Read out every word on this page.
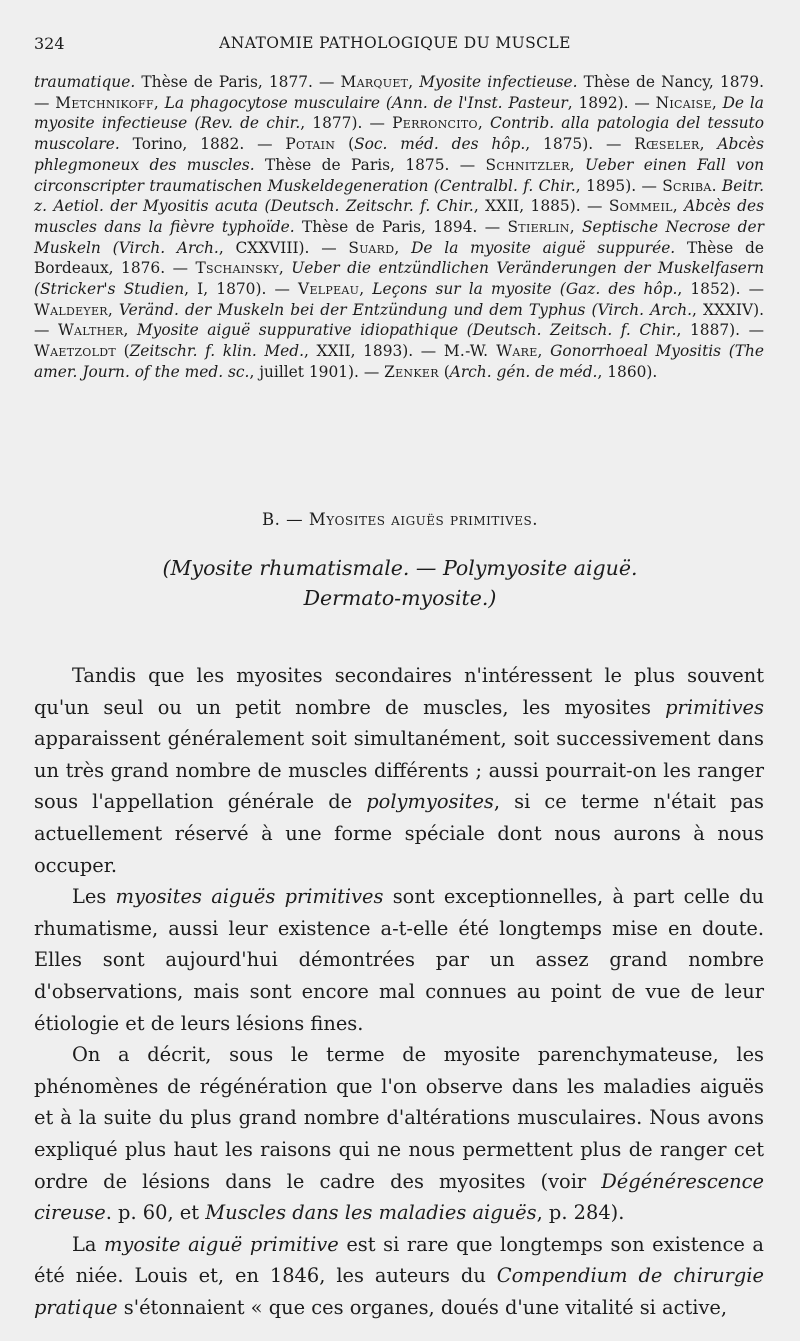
324	ANATOMIE PATHOLOGIQUE DU MUSCLE
traumatique. Thèse de Paris, 1877. — Marquet, Myosite infectieuse. Thèse de Nancy, 1879. — Metchnikoff, La phagocytose musculaire (Ann. de l'Inst. Pasteur, 1892). — Nicaise, De la myosite infectieuse (Rev. de chir., 1877). — Perroncito, Contrib. alla patologia del tessuto muscolare. Torino, 1882. — Potain (Soc. méd. des hôp., 1875). — Rœseler, Abcès phlegmoneux des muscles. Thèse de Paris, 1875. — Schnitzler, Ueber einen Fall von circonscripter traumatischen Muskeldegeneration (Centralbl. f. Chir., 1895). — Scriba. Beitr. z. Aetiol. der Myositis acuta (Deutsch. Zeitschr. f. Chir., XXII, 1885). — Sommeil, Abcès des muscles dans la fièvre typhoïde. Thèse de Paris, 1894. — Stierlin, Septische Necrose der Muskeln (Virch. Arch., CXXVIII). — Suard, De la myosite aiguë suppurée. Thèse de Bordeaux, 1876. — Tschainsky, Ueber die entzündlichen Veränderungen der Muskelfasern (Stricker's Studien, I, 1870). — Velpeau, Leçons sur la myosite (Gaz. des hôp., 1852). — Waldeyer, Veränd. der Muskeln bei der Entzündung und dem Typhus (Virch. Arch., XXXIV). — Walther, Myosite aiguë suppurative idiopathique (Deutsch. Zeitsch. f. Chir., 1887). — Waetzoldt (Zeitschr. f. klin. Med., XXII, 1893). — M.-W. Ware, Gonorrhoeal Myositis (The amer. Journ. of the med. sc., juillet 1901). — Zenker (Arch. gén. de méd., 1860).
B. — Myosites aiguës primitives.
(Myosite rhumatismale. — Polymyosite aiguë.
Dermato-myosite.)

Tandis que les myosites secondaires n'intéressent le plus souvent qu'un seul ou un petit nombre de muscles, les myosites primitives apparaissent généralement soit simultanément, soit successivement dans un très grand nombre de muscles différents ; aussi pourrait-on les ranger sous l'appellation générale de polymyosites, si ce terme n'était pas actuellement réservé à une forme spéciale dont nous aurons à nous occuper.

Les myosites aiguës primitives sont exceptionnelles, à part celle du rhumatisme, aussi leur existence a-t-elle été longtemps mise en doute. Elles sont aujourd'hui démontrées par un assez grand nombre d'observations, mais sont encore mal connues au point de vue de leur étiologie et de leurs lésions fines.

On a décrit, sous le terme de myosite parenchymateuse, les phénomènes de régénération que l'on observe dans les maladies aiguës et à la suite du plus grand nombre d'altérations musculaires. Nous avons expliqué plus haut les raisons qui ne nous permettent plus de ranger cet ordre de lésions dans le cadre des myosites (voir Dégénérescence cireuse. p. 60, et Muscles dans les maladies aiguës, p. 284).

La myosite aiguë primitive est si rare que longtemps son existence a été niée. Louis et, en 1846, les auteurs du Compendium de chirurgie pratique s'étonnaient « que ces organes, doués d'une vitalité si active,
